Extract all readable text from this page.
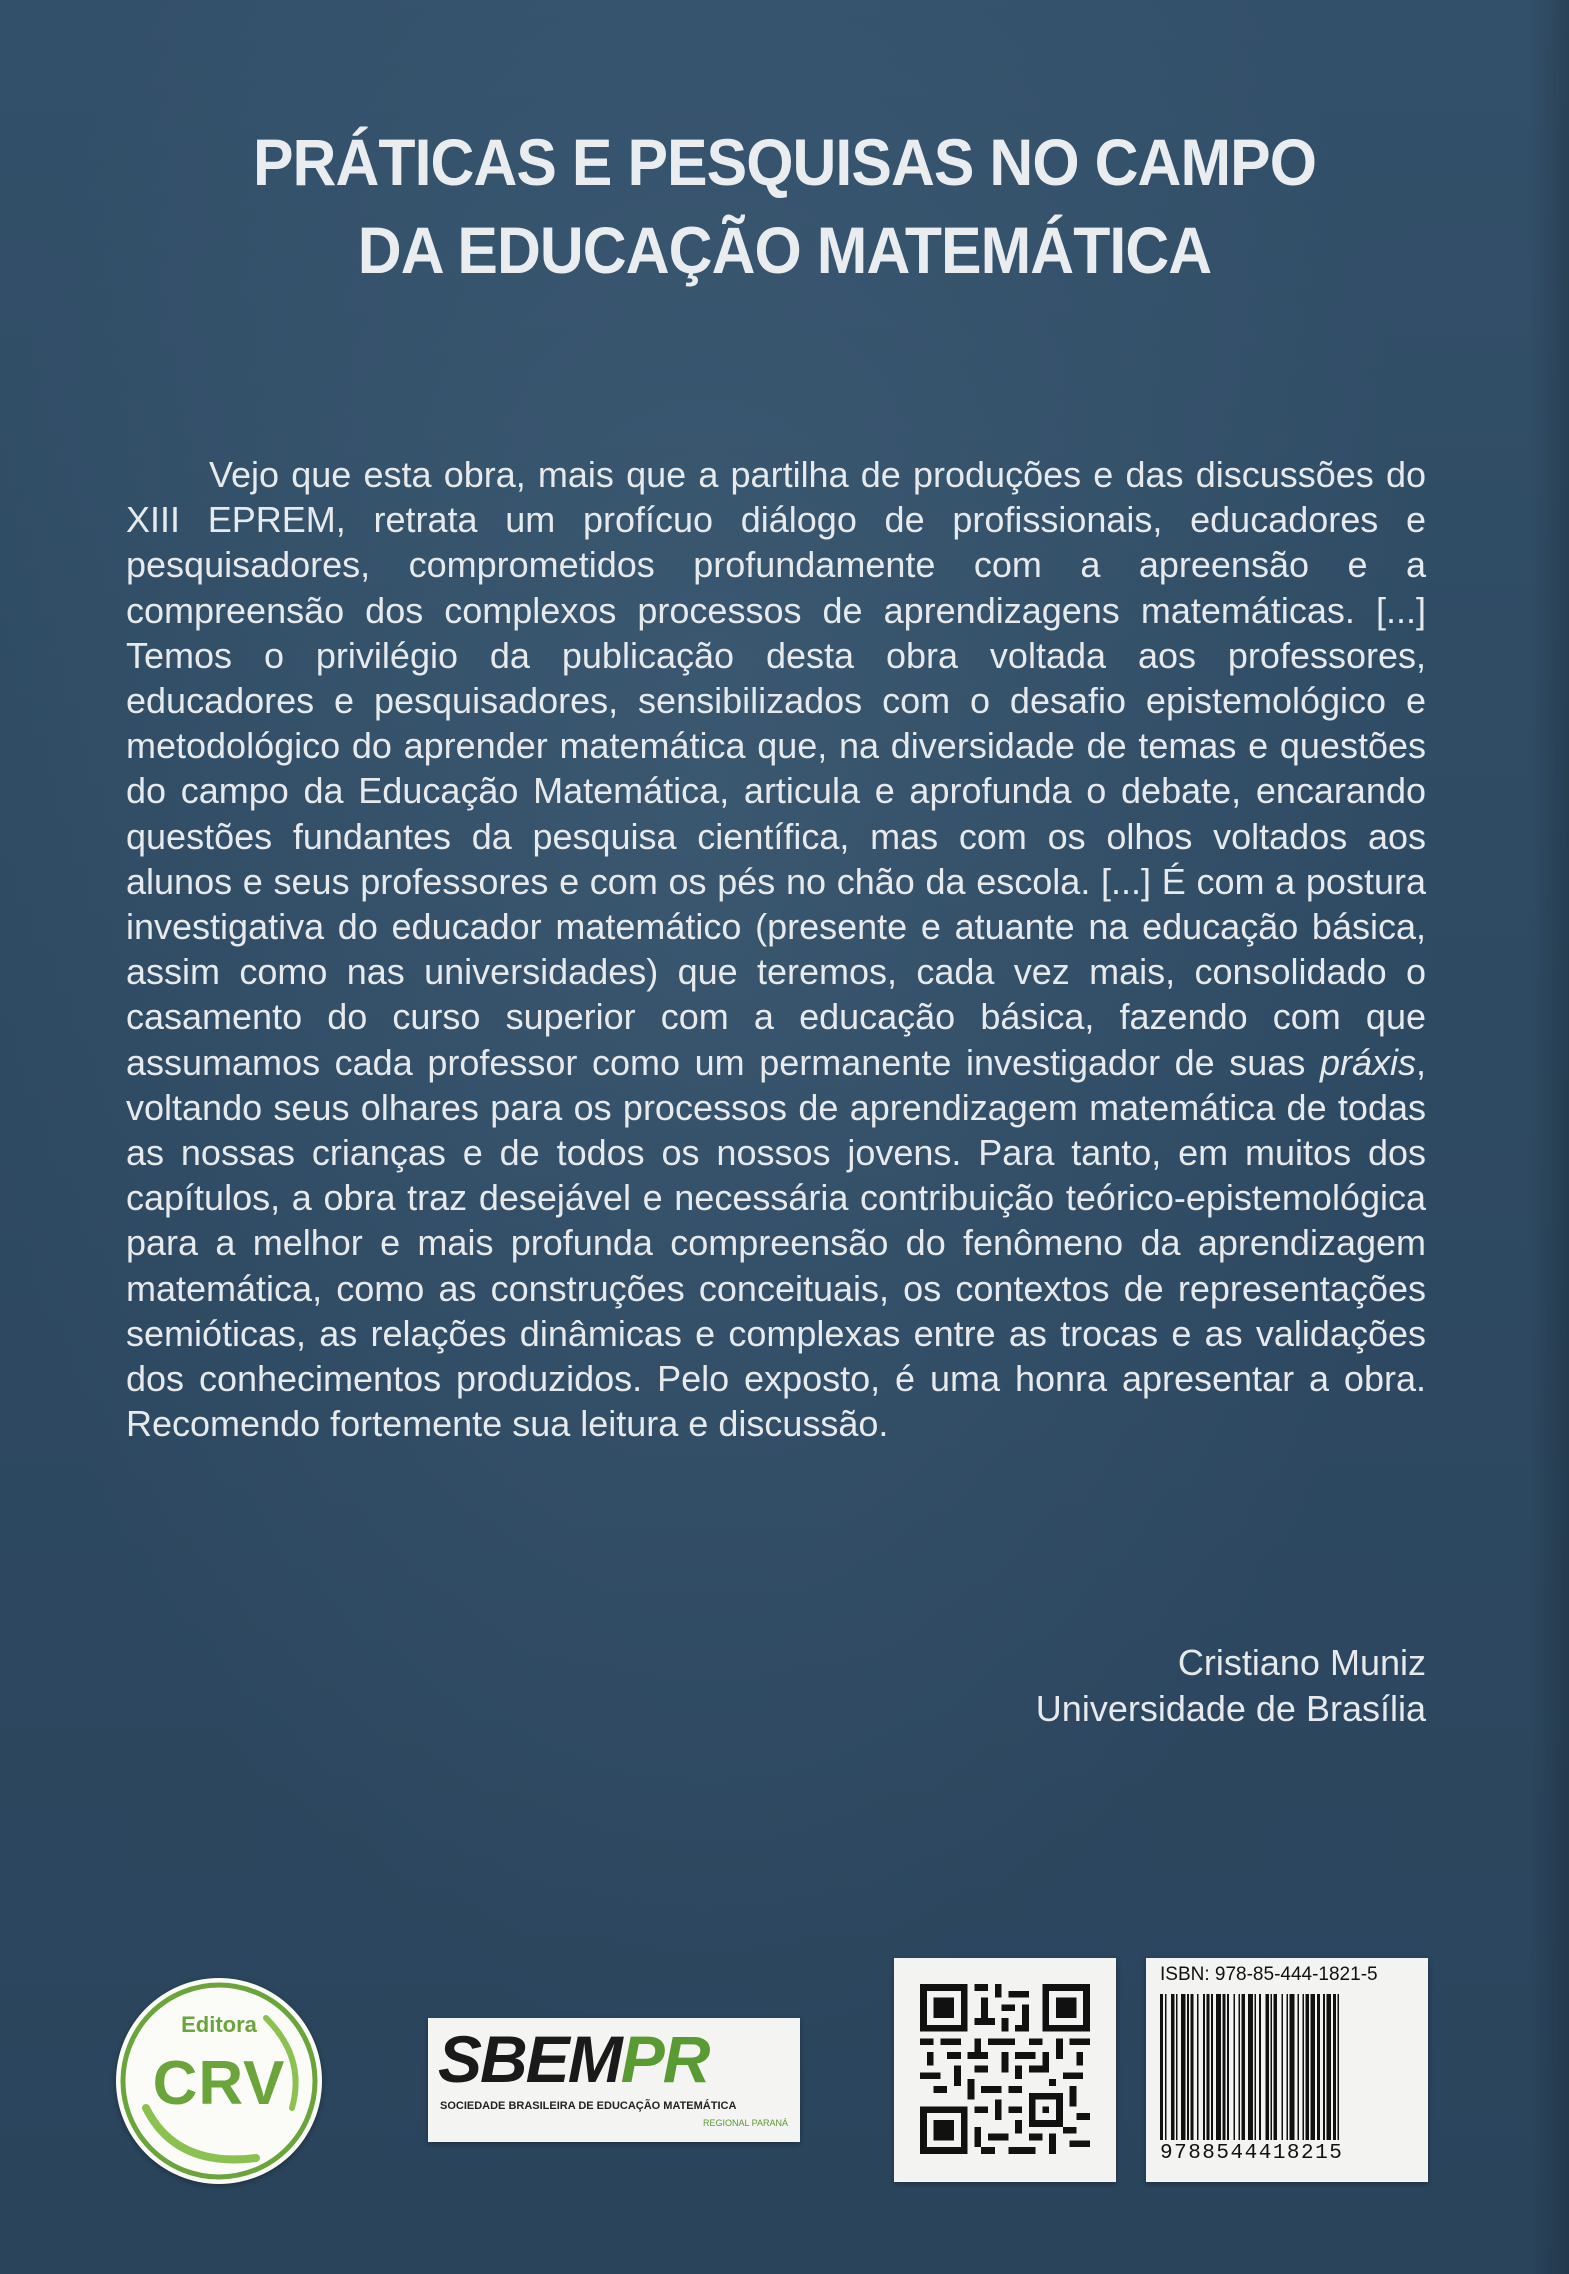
PRÁTICAS E PESQUISAS NO CAMPO
DA EDUCAÇÃO MATEMÁTICA
Vejo que esta obra, mais que a partilha de produções e das discussões do XIII EPREM, retrata um profícuo diálogo de profissionais, educadores e pesquisadores, comprometidos profundamente com a apreensão e a compreensão dos complexos processos de aprendizagens matemáticas. [...] Temos o privilégio da publicação desta obra voltada aos professores, educadores e pesquisadores, sensibilizados com o desafio epistemológico e metodológico do aprender matemática que, na diversidade de temas e questões do campo da Educação Matemática, articula e aprofunda o debate, encarando questões fundantes da pesquisa científica, mas com os olhos voltados aos alunos e seus professores e com os pés no chão da escola. [...] É com a postura investigativa do educador matemático (presente e atuante na educação básica, assim como nas universidades) que teremos, cada vez mais, consolidado o casamento do curso superior com a educação básica, fazendo com que assumamos cada professor como um permanente investigador de suas práxis, voltando seus olhares para os processos de aprendizagem matemática de todas as nossas crianças e de todos os nossos jovens. Para tanto, em muitos dos capítulos, a obra traz desejável e necessária contribuição teórico-epistemológica para a melhor e mais profunda compreensão do fenômeno da aprendizagem matemática, como as construções conceituais, os contextos de representações semióticas, as relações dinâmicas e complexas entre as trocas e as validações dos conhecimentos produzidos. Pelo exposto, é uma honra apresentar a obra. Recomendo fortemente sua leitura e discussão.
Cristiano Muniz
Universidade de Brasília
Editora
CRV	SBEMPR
SOCIEDADE BRASILEIRA DE EDUCAÇÃO MATEMÁTICA
REGIONAL PARANÁ
ISBN: 978-85-444-1821-5
9788544418215
